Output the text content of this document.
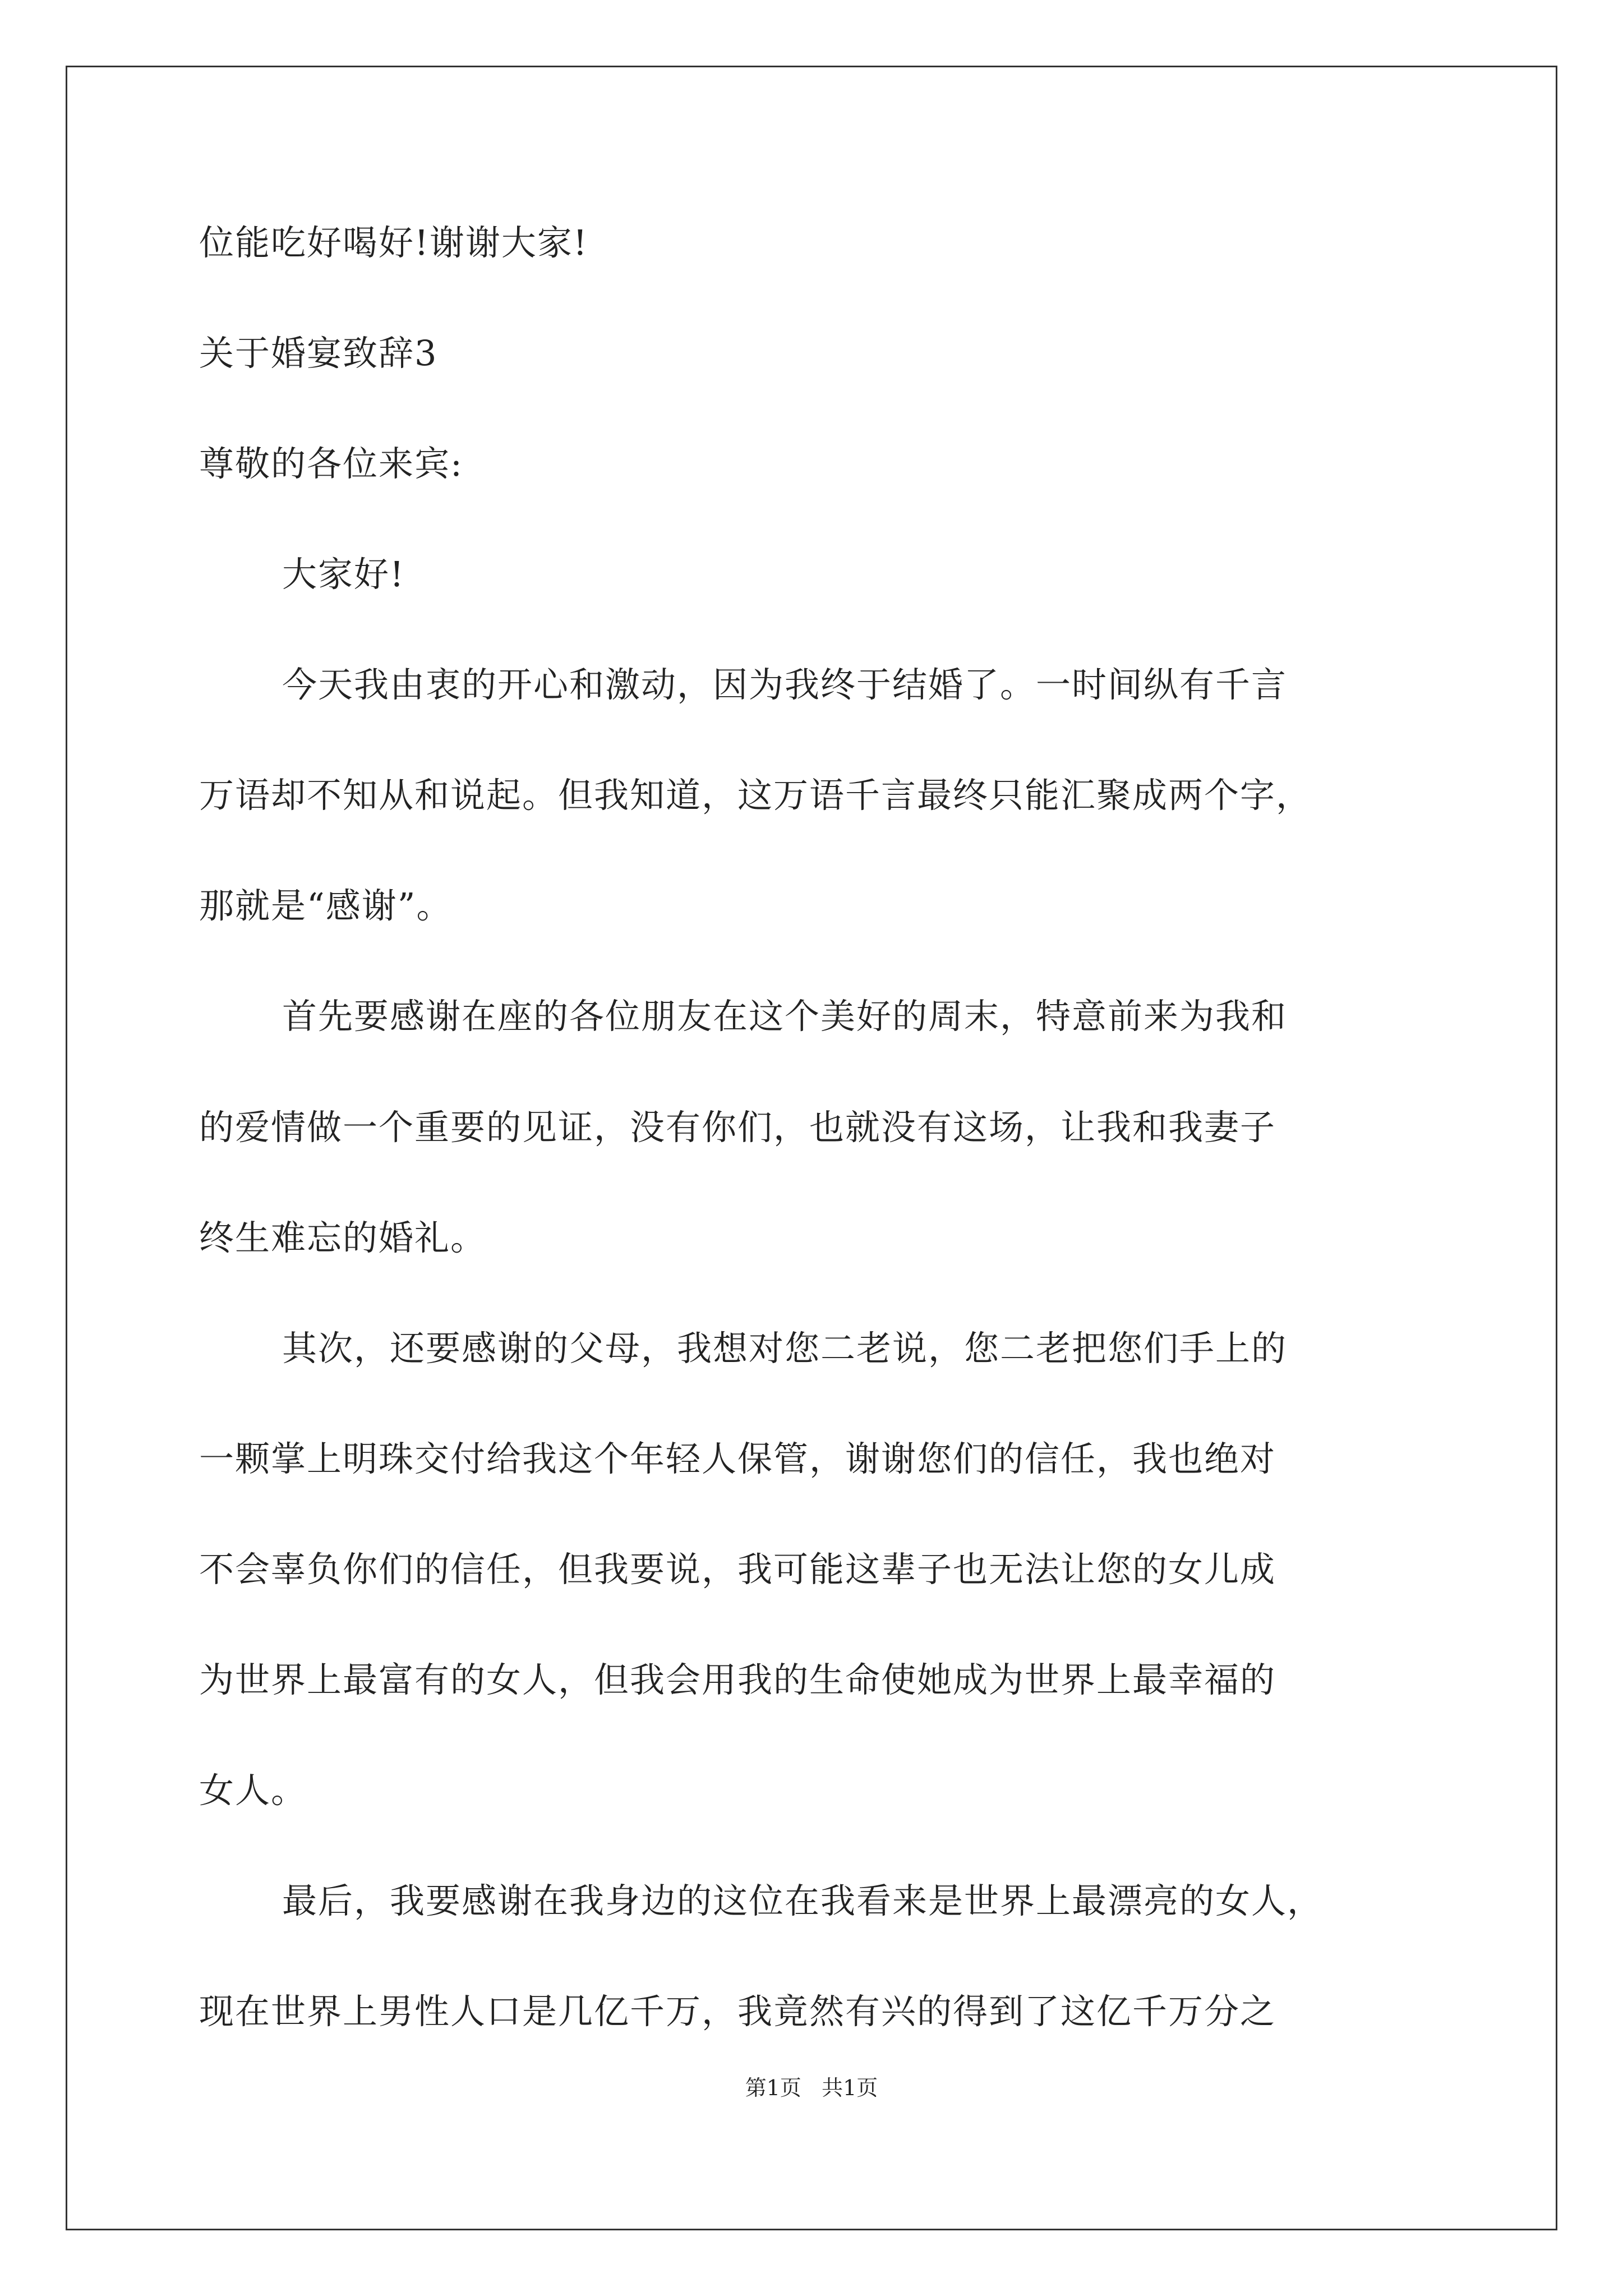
位能吃好喝好!谢谢大家!
关于婚宴致辞3
尊敬的各位来宾:
大家好!
今天我由衷的开心和激动，因为我终于结婚了。一时间纵有千言
万语却不知从和说起。但我知道，这万语千言最终只能汇聚成两个字，
那就是“感谢”。
首先要感谢在座的各位朋友在这个美好的周末，特意前来为我和
的爱情做一个重要的见证，没有你们，也就没有这场，让我和我妻子
终生难忘的婚礼。
其次，还要感谢的父母，我想对您二老说，您二老把您们手上的
一颗掌上明珠交付给我这个年轻人保管，谢谢您们的信任，我也绝对
不会辜负你们的信任，但我要说，我可能这辈子也无法让您的女儿成
为世界上最富有的女人，但我会用我的生命使她成为世界上最幸福的
女人。
最后，我要感谢在我身边的这位在我看来是世界上最漂亮的女人，
第1页   共1页
现在世界上男性人口是几亿千万，我竟然有兴的得到了这亿千万分之
